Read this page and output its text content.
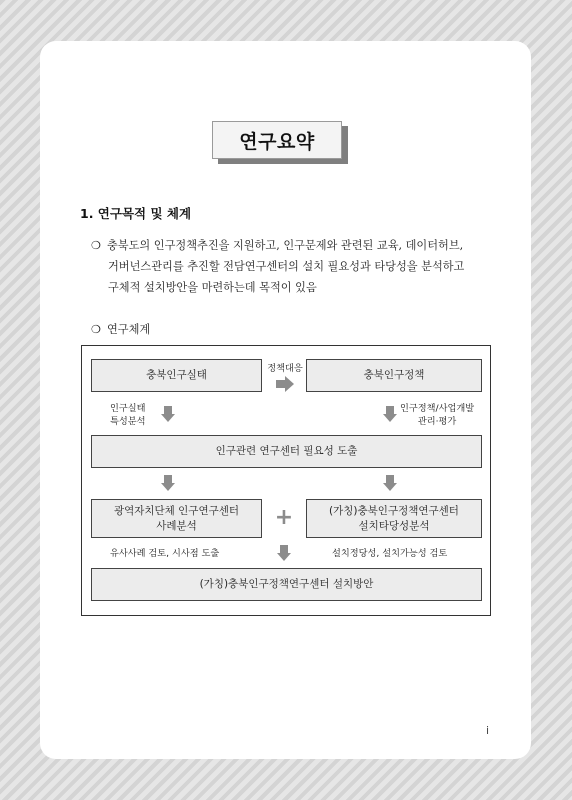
연구요약
1. 연구목적 및 체계
❍ 충북도의 인구정책추진을 지원하고, 인구문제와 관련된 교육, 데이터허브,
거버넌스관리를 추진할 전담연구센터의 설치 필요성과 타당성을 분석하고
구체적 설치방안을 마련하는데 목적이 있음
❍ 연구체계
충북인구실태
정책대응
충북인구정책
인구실태
특성분석
인구정책/사업개발
관리·평가
인구관련 연구센터 필요성 도출
광역자치단체 인구연구센터
사례분석	+	(가칭)충북인구정책연구센터
설치타당성분석
유사사례 검토, 시사점 도출	설치정당성, 설치가능성 검토
(가칭)충북인구정책연구센터 설치방안
i
